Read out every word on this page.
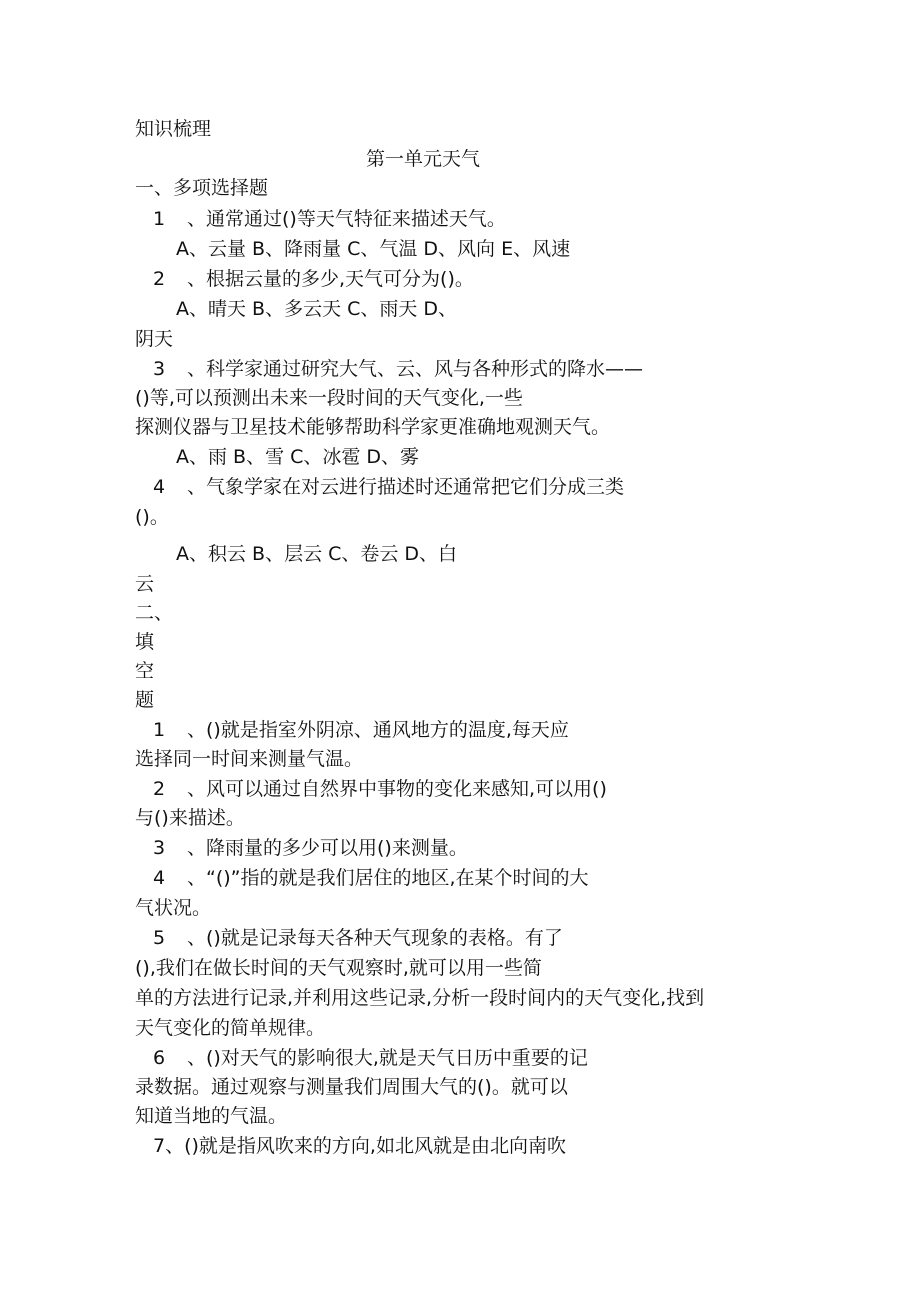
知识梳理
第一单元天气
一、多项选择题
1 、通常通过()等天气特征来描述天气。
A、云量 B、降雨量 C、气温 D、风向 E、风速
2 、根据云量的多少,天气可分为()。
A、晴天 B、多云天 C、雨天 D、
阴天
3 、科学家通过研究大气、云、风与各种形式的降水——
()等,可以预测出未来一段时间的天气变化,一些
探测仪器与卫星技术能够帮助科学家更准确地观测天气。
A、雨 B、雪 C、冰雹 D、雾
4 、气象学家在对云进行描述时还通常把它们分成三类
()。
A、积云 B、层云 C、卷云 D、白
云
二、
填
空
题
1 、()就是指室外阴凉、通风地方的温度,每天应
选择同一时间来测量气温。
2 、风可以通过自然界中事物的变化来感知,可以用()
与()来描述。
3 、降雨量的多少可以用()来测量。
4 、“()”指的就是我们居住的地区,在某个时间的大
气状况。
5 、()就是记录每天各种天气现象的表格。有了
(),我们在做长时间的天气观察时,就可以用一些简
单的方法进行记录,并利用这些记录,分析一段时间内的天气变化,找到
天气变化的简单规律。
6 、()对天气的影响很大,就是天气日历中重要的记
录数据。通过观察与测量我们周围大气的()。就可以
知道当地的气温。
7、()就是指风吹来的方向,如北风就是由北向南吹
